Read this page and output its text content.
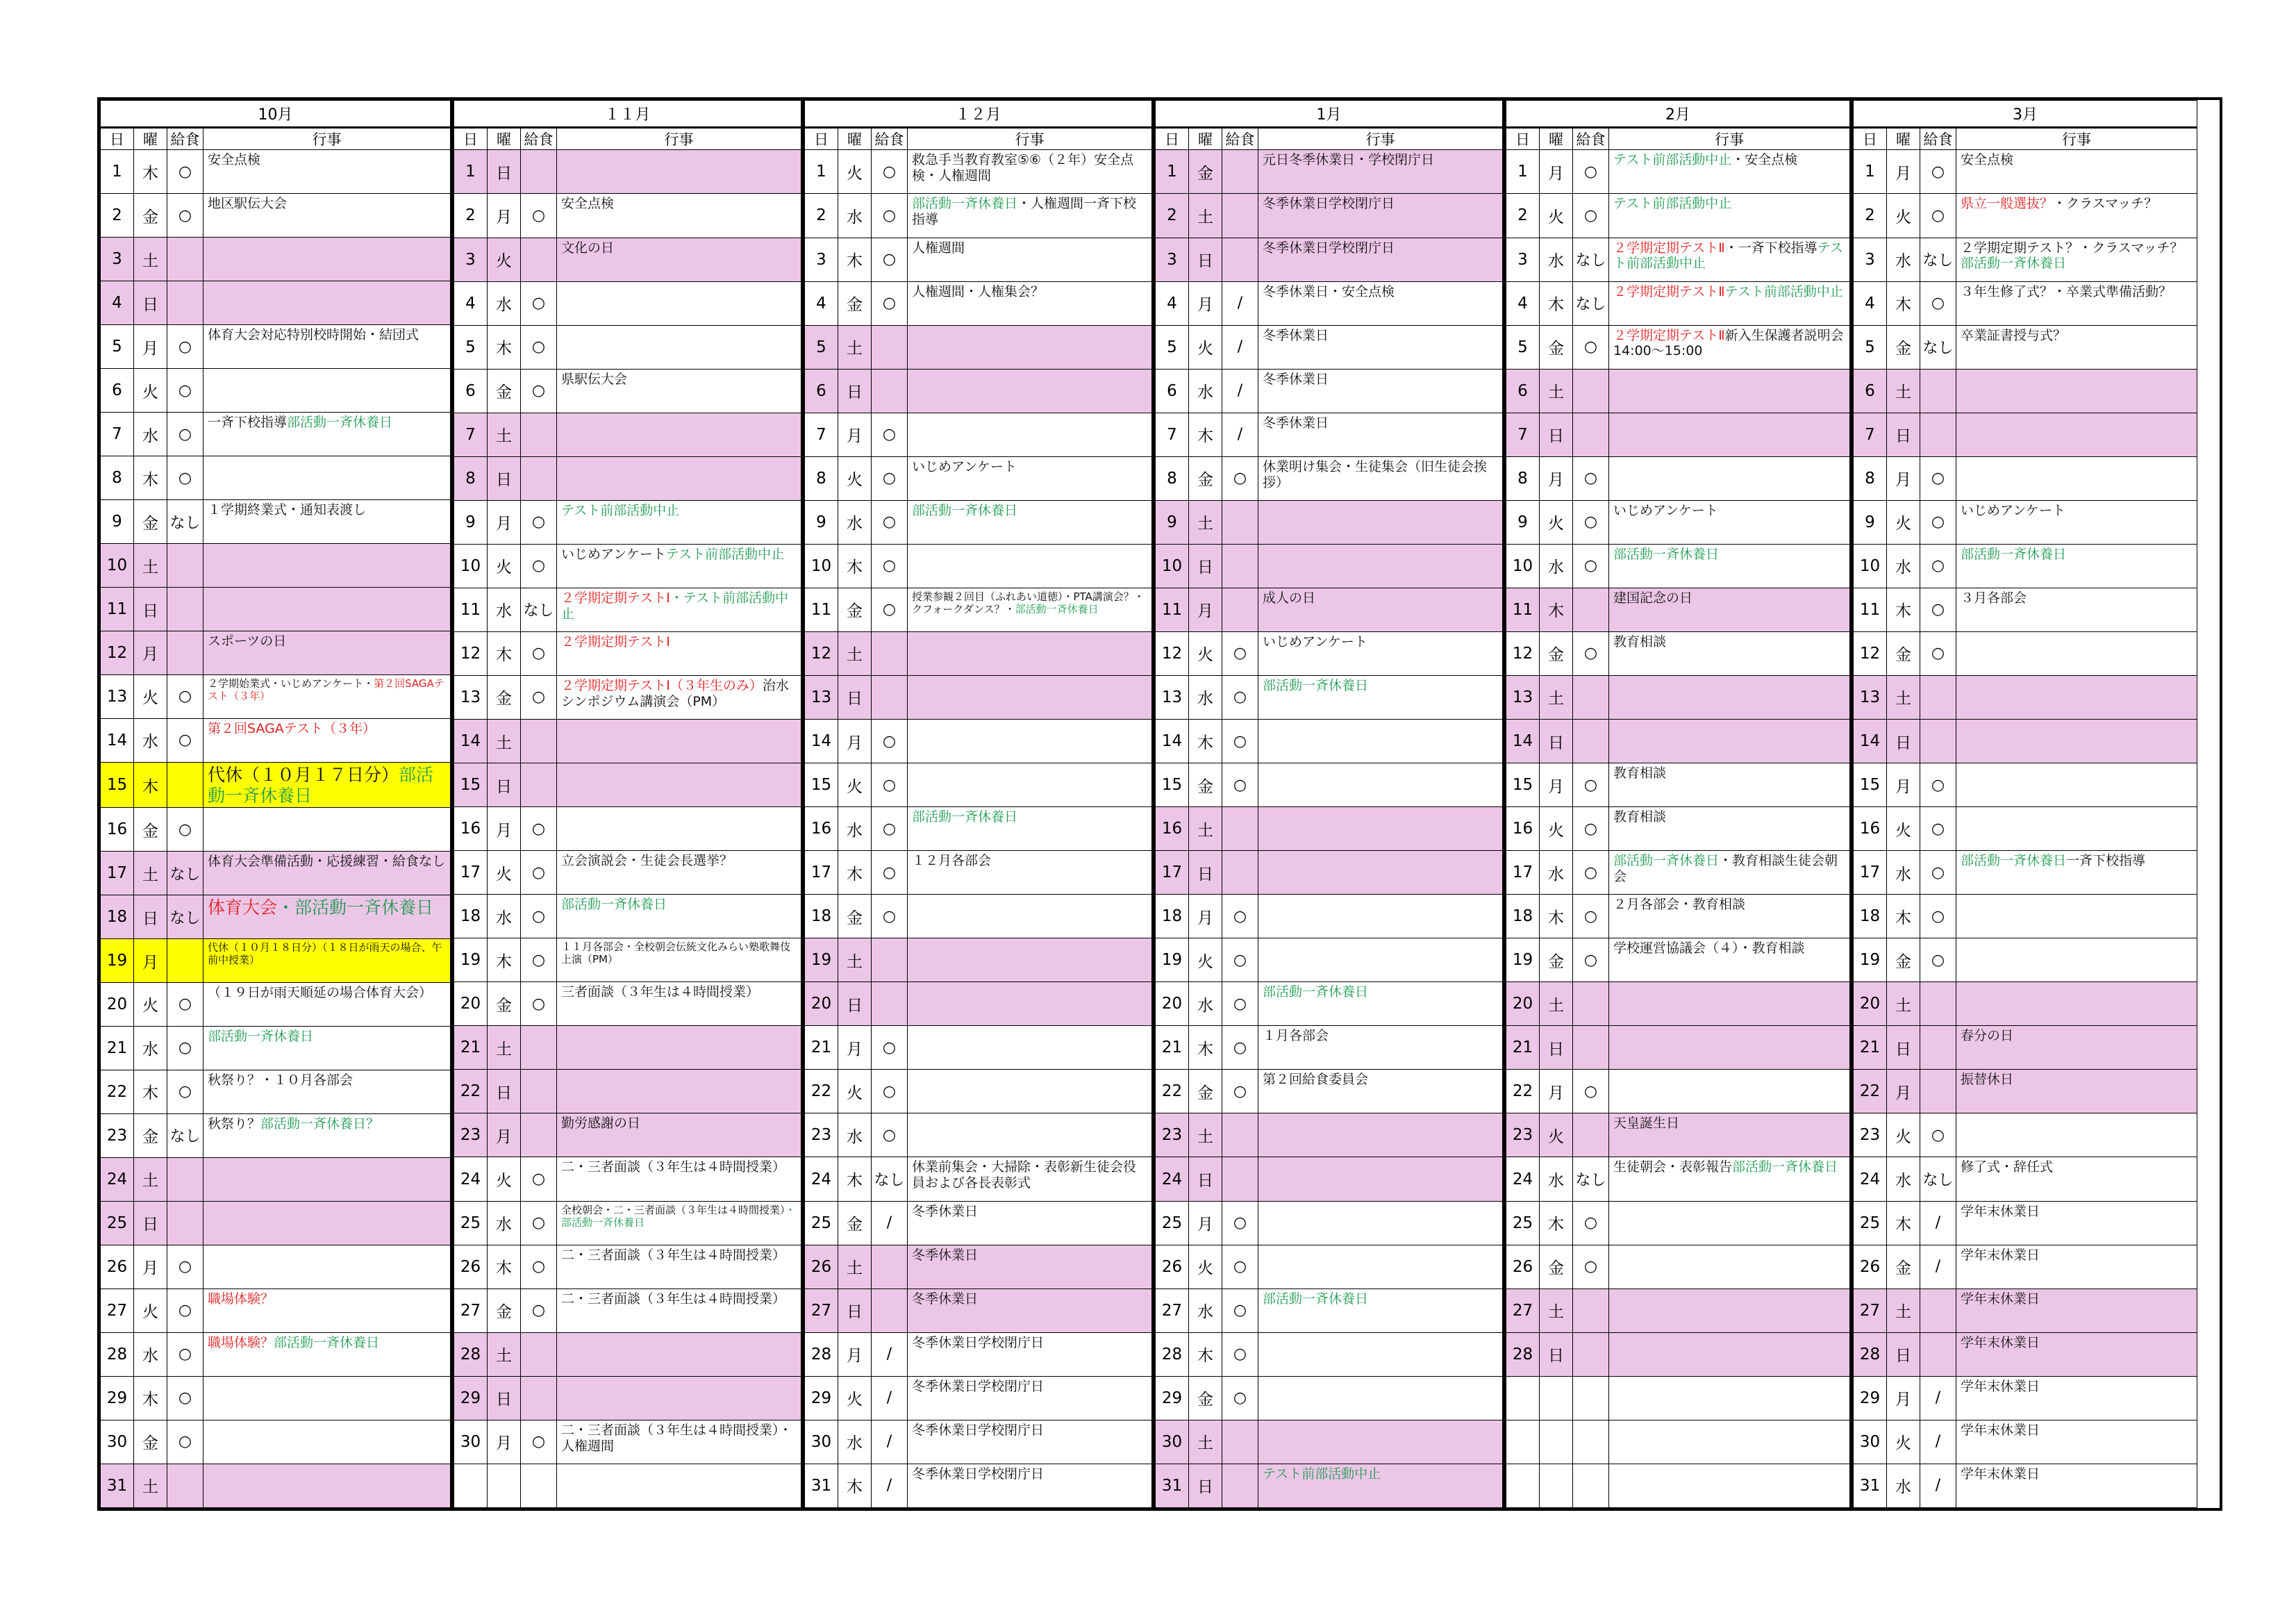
10月			
日	曜	給食	行事
1	木	○	安全点検
2	金	○	地区駅伝大会
3	土		
4	日		
5	月	○	体育大会対応特別校時開始・結団式
6	火	○	
7	水	○	一斉下校指導部活動一斉休養日
8	木	○	
9	金	なし	１学期終業式・通知表渡し
10	土		
11	日		
12	月		スポーツの日
13	火	○	２学期始業式・いじめアンケート・第２回SAGAテスト（３年）
14	水	○	第２回SAGAテスト（３年）
15	木		代休（１０月１７日分）部活動一斉休養日
16	金	○	
17	土	なし	体育大会準備活動・応援練習・給食なし
18	日	なし	体育大会・部活動一斉休養日
19	月		代休（１０月１８日分）（１８日が雨天の場合、午前中授業）
20	火	○	（１９日が雨天順延の場合体育大会）
21	水	○	部活動一斉休養日
22	木	○	秋祭り？・１０月各部会
23	金	なし	秋祭り？部活動一斉休養日？
24	土		
25	日		
26	月	○	
27	火	○	職場体験？
28	水	○	職場体験？部活動一斉休養日
29	木	○	
30	金	○	
31	土		
１１月			
日	曜	給食	行事
1	日		
2	月	○	安全点検
3	火		文化の日
4	水	○	
5	木	○	
6	金	○	県駅伝大会
7	土		
8	日		
9	月	○	テスト前部活動中止
10	火	○	いじめアンケートテスト前部活動中止
11	水	なし	２学期定期テストⅠ・テスト前部活動中止
12	木	○	２学期定期テストⅠ
13	金	○	２学期定期テストⅠ（３年生のみ）治水シンポジウム講演会（PM）
14	土		
15	日		
16	月	○	
17	火	○	立会演説会・生徒会長選挙？
18	水	○	部活動一斉休養日
19	木	○	１１月各部会・全校朝会伝統文化みらい塾歌舞伎上演（PM）
20	金	○	三者面談（３年生は４時間授業）
21	土		
22	日		
23	月		勤労感謝の日
24	火	○	二・三者面談（３年生は４時間授業）
25	水	○	全校朝会・二・三者面談（３年生は４時間授業）・部活動一斉休養日
26	木	○	二・三者面談（３年生は４時間授業）
27	金	○	二・三者面談（３年生は４時間授業）
28	土		
29	日		
30	月	○	二・三者面談（３年生は４時間授業）・人権週間

１２月			
日	曜	給食	行事
1	火	○	救急手当教育教室⑤⑥（２年）安全点検・人権週間
2	水	○	部活動一斉休養日・人権週間一斉下校指導
3	木	○	人権週間
4	金	○	人権週間・人権集会？
5	土		
6	日		
7	月	○	
8	火	○	いじめアンケート
9	水	○	部活動一斉休養日
10	木	○	
11	金	○	授業参観２回目（ふれあい道徳）・PTA講演会？・クフォークダンス？・部活動一斉休養日
12	土		
13	日		
14	月	○	
15	火	○	
16	水	○	部活動一斉休養日
17	木	○	１２月各部会
18	金	○	
19	土		
20	日		
21	月	○	
22	火	○	
23	水	○	
24	木	なし	休業前集会・大掃除・表彰新生徒会役員および各長表彰式
25	金	/	冬季休業日
26	土		冬季休業日
27	日		冬季休業日
28	月	/	冬季休業日学校閉庁日
29	火	/	冬季休業日学校閉庁日
30	水	/	冬季休業日学校閉庁日
31	木	/	冬季休業日学校閉庁日
1月			
日	曜	給食	行事
1	金		元日冬季休業日・学校閉庁日
2	土		冬季休業日学校閉庁日
3	日		冬季休業日学校閉庁日
4	月	/	冬季休業日・安全点検
5	火	/	冬季休業日
6	水	/	冬季休業日
7	木	/	冬季休業日
8	金	○	休業明け集会・生徒集会（旧生徒会挨拶）
9	土		
10	日		
11	月		成人の日
12	火	○	いじめアンケート
13	水	○	部活動一斉休養日
14	木	○	
15	金	○	
16	土		
17	日		
18	月	○	
19	火	○	
20	水	○	部活動一斉休養日
21	木	○	１月各部会
22	金	○	第２回給食委員会
23	土		
24	日		
25	月	○	
26	火	○	
27	水	○	部活動一斉休養日
28	木	○	
29	金	○	
30	土		
31	日		テスト前部活動中止
2月			
日	曜	給食	行事
1	月	○	テスト前部活動中止・安全点検
2	火	○	テスト前部活動中止
3	水	なし	２学期定期テストⅡ・一斉下校指導テスト前部活動中止
4	木	なし	２学期定期テストⅡテスト前部活動中止
5	金	○	２学期定期テストⅡ新入生保護者説明会14:00～15:00
6	土		
7	日		
8	月	○	
9	火	○	いじめアンケート
10	水	○	部活動一斉休養日
11	木		建国記念の日
12	金	○	教育相談
13	土		
14	日		
15	月	○	教育相談
16	火	○	教育相談
17	水	○	部活動一斉休養日・教育相談生徒会朝会
18	木	○	２月各部会・教育相談
19	金	○	学校運営協議会（４）・教育相談
20	土		
21	日		
22	月	○	
23	火		天皇誕生日
24	水	なし	生徒朝会・表彰報告部活動一斉休養日
25	木	○	
26	金	○	
27	土		
28	日		

3月			
日	曜	給食	行事
1	月	○	安全点検
2	火	○	県立一般選抜？・クラスマッチ？
3	水	なし	２学期定期テスト？・クラスマッチ？部活動一斉休養日
4	木	○	３年生修了式？・卒業式準備活動？
5	金	なし	卒業証書授与式？
6	土		
7	日		
8	月	○	
9	火	○	いじめアンケート
10	水	○	部活動一斉休養日
11	木	○	３月各部会
12	金	○	
13	土		
14	日		
15	月	○	
16	火	○	
17	水	○	部活動一斉休養日一斉下校指導
18	木	○	
19	金	○	
20	土		
21	日		春分の日
22	月		振替休日
23	火	○	
24	水	なし	修了式・辞任式
25	木	/	学年末休業日
26	金	/	学年末休業日
27	土		学年末休業日
28	日		学年末休業日
29	月	/	学年末休業日
30	火	/	学年末休業日
31	水	/	学年末休業日
